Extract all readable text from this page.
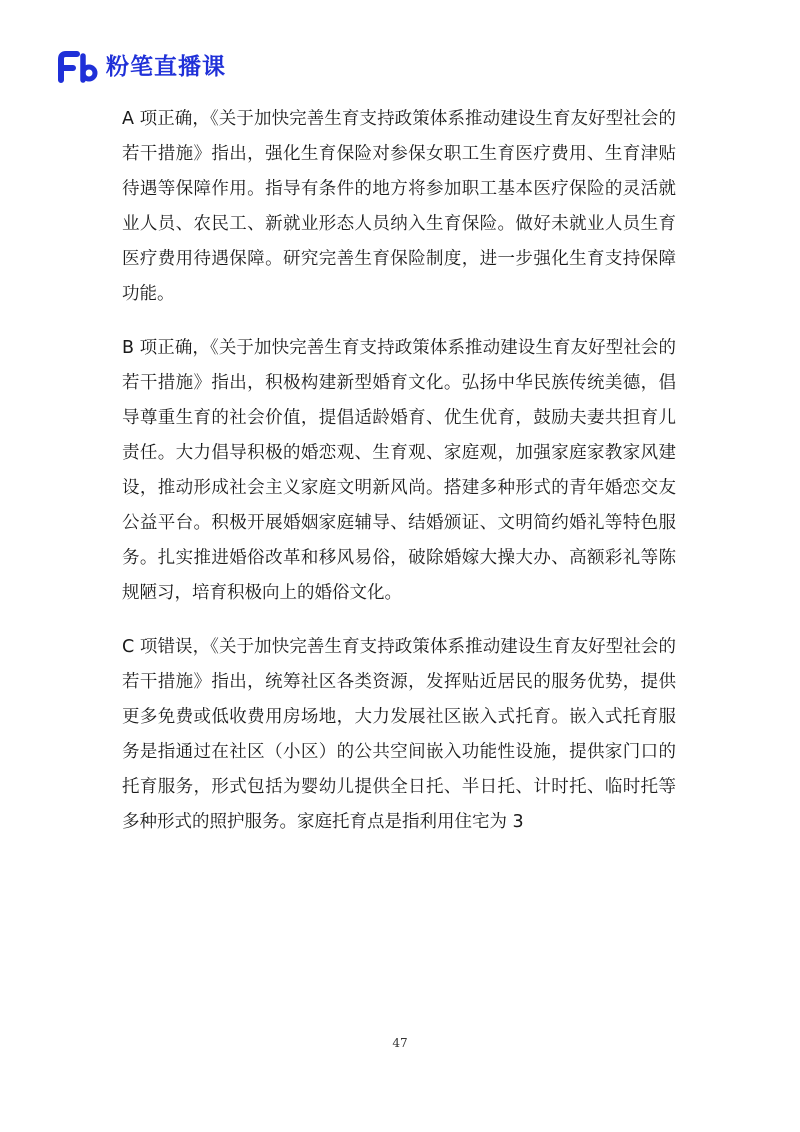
粉笔直播课

A 项正确，《关于加快完善生育支持政策体系推动建设生育友好型社会的若干措施》指出，强化生育保险对参保女职工生育医疗费用、生育津贴待遇等保障作用。指导有条件的地方将参加职工基本医疗保险的灵活就业人员、农民工、新就业形态人员纳入生育保险。做好未就业人员生育医疗费用待遇保障。研究完善生育保险制度，进一步强化生育支持保障功能。

B 项正确，《关于加快完善生育支持政策体系推动建设生育友好型社会的若干措施》指出，积极构建新型婚育文化。弘扬中华民族传统美德，倡导尊重生育的社会价值，提倡适龄婚育、优生优育，鼓励夫妻共担育儿责任。大力倡导积极的婚恋观、生育观、家庭观，加强家庭家教家风建设，推动形成社会主义家庭文明新风尚。搭建多种形式的青年婚恋交友公益平台。积极开展婚姻家庭辅导、结婚颁证、文明简约婚礼等特色服务。扎实推进婚俗改革和移风易俗，破除婚嫁大操大办、高额彩礼等陈规陋习，培育积极向上的婚俗文化。

C 项错误，《关于加快完善生育支持政策体系推动建设生育友好型社会的若干措施》指出，统筹社区各类资源，发挥贴近居民的服务优势，提供更多免费或低收费用房场地，大力发展社区嵌入式托育。嵌入式托育服务是指通过在社区（小区）的公共空间嵌入功能性设施，提供家门口的托育服务，形式包括为婴幼儿提供全日托、半日托、计时托、临时托等多种形式的照护服务。家庭托育点是指利用住宅为 3

47
